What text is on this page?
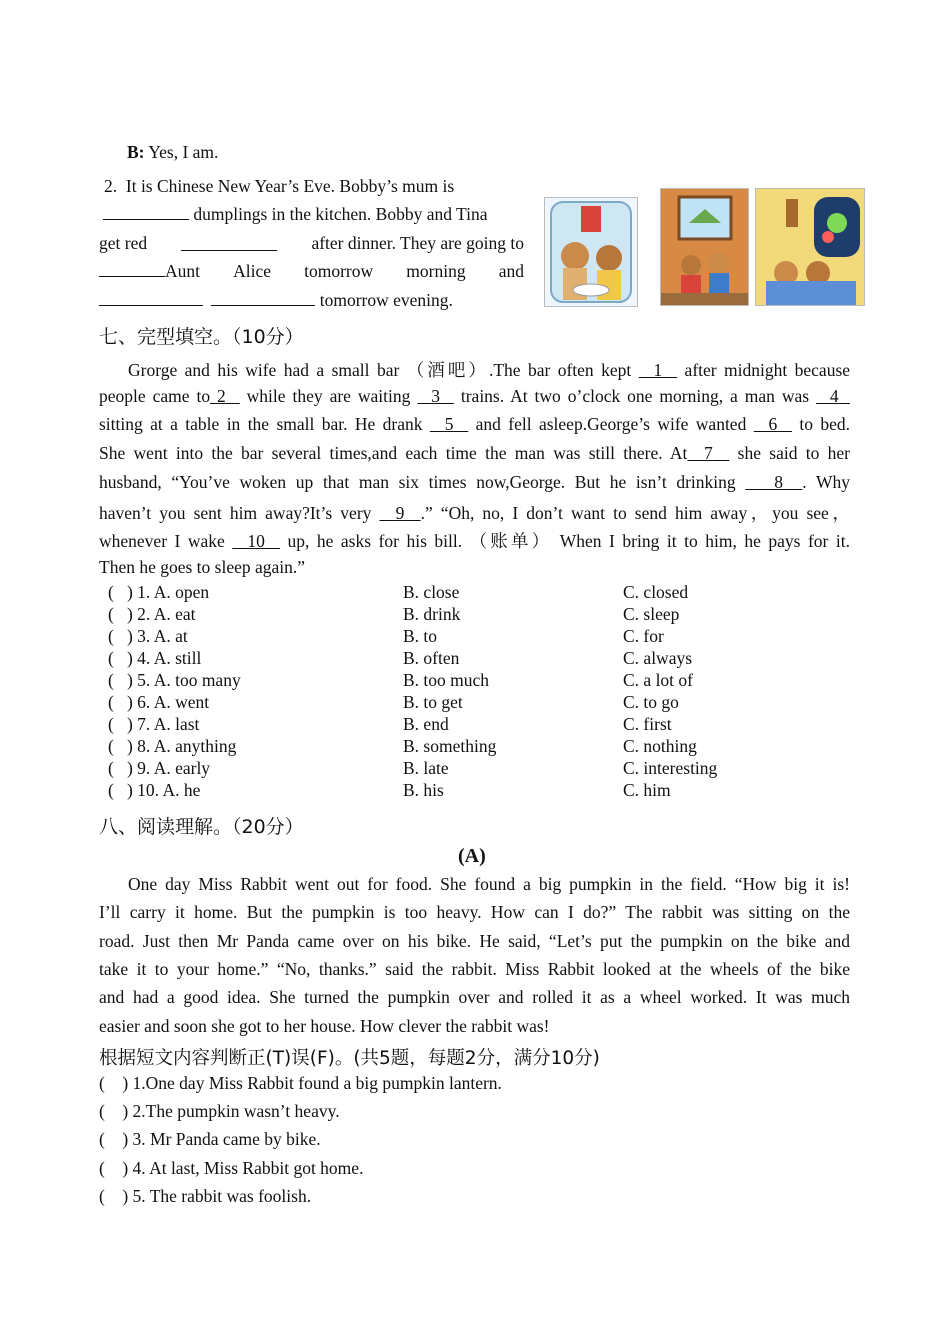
B: Yes, I am.
2. It is Chinese New Year’s Eve. Bobby’s mum is
dumplings in the kitchen. Bobby and Tina
get red	after dinner. They are going to
Aunt Alice tomorrow morning and
tomorrow evening.
七、完型填空。（10分）
Grorge and his wife had a small bar （酒吧）.The bar often kept   1   after midnight because
people came to 2   while they are waiting   3   trains. At two o’clock one morning, a man was   4
sitting at a table in the small bar. He drank   5   and fell asleep.George’s wife wanted   6   to bed.
She went into the bar several times,and each time the man was still there. At 7   she said to her
husband, “You’ve woken up that man six times now,George. But he isn’t drinking    8 . Why
haven’t you sent him away?It’s very   9 .” “Oh, no, I don’t want to send him away，you see，
whenever I wake   10   up, he asks for his bill. （账单） When I bring it to him, he pays for it.
Then he goes to sleep again.”
(   ) 1. A. open	B. close	C. closed
(   ) 2. A. eat	B. drink	C. sleep
(   ) 3. A. at	B. to	C. for
(   ) 4. A. still	B. often	C. always
(   ) 5. A. too many	B. too much	C. a lot of
(   ) 6. A. went	B. to get	C. to go
(   ) 7. A. last	B. end	C. first
(   ) 8. A. anything	B. something	C. nothing
(   ) 9. A. early	B. late	C. interesting
(   ) 10. A. he	B. his	C. him
八、阅读理解。（20分）
(A)
One day Miss Rabbit went out for food. She found a big pumpkin in the field. “How big it is!
I’ll carry it home. But the pumpkin is too heavy. How can I do?” The rabbit was sitting on the
road. Just then Mr Panda came over on his bike. He said, “Let’s put the pumpkin on the bike and
take it to your home.” “No, thanks.” said the rabbit. Miss Rabbit looked at the wheels of the bike
and had a good idea. She turned the pumpkin over and rolled it as a wheel worked. It was much
easier and soon she got to her house. How clever the rabbit was!
根据短文内容判断正(T)误(F)。(共5题，每题2分，满分10分)
(    ) 1.One day Miss Rabbit found a big pumpkin lantern.
(    ) 2.The pumpkin wasn’t heavy.
(    ) 3. Mr Panda came by bike.
(    ) 4. At last, Miss Rabbit got home.
(    ) 5. The rabbit was foolish.
